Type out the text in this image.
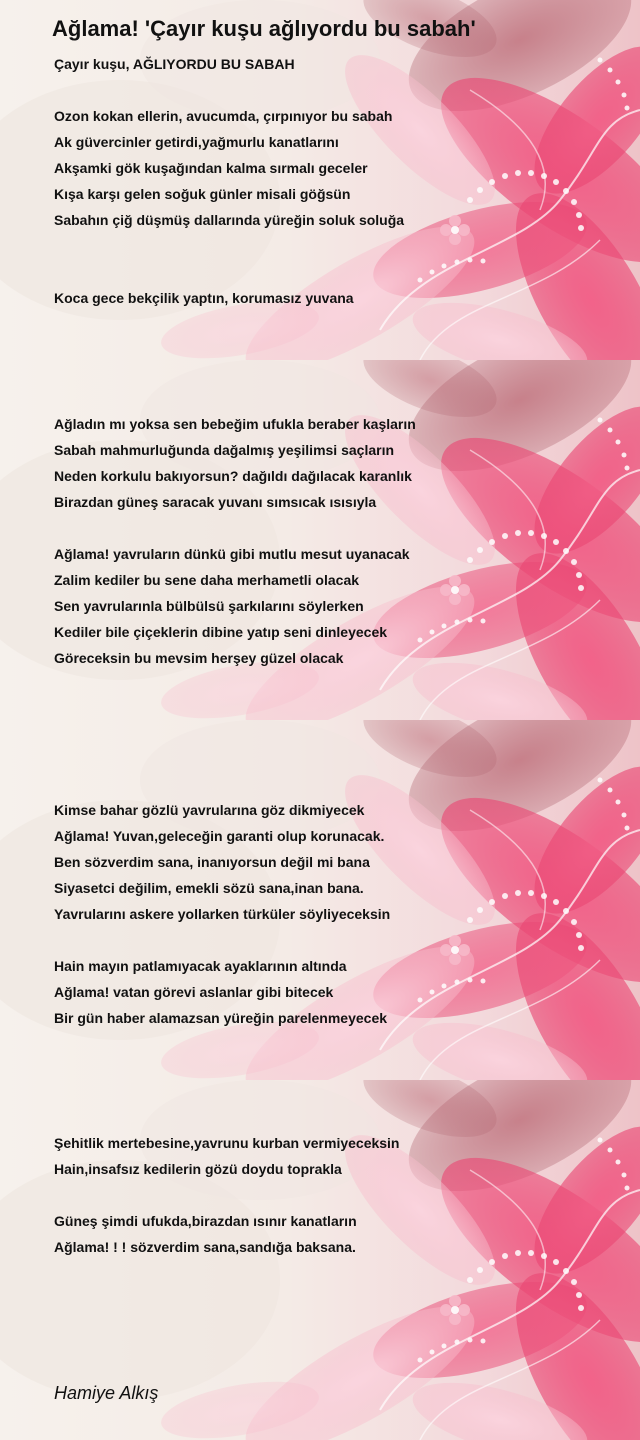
Ağlama! 'Çayır kuşu ağlıyordu bu sabah'
Çayır kuşu, AĞLIYORDU BU SABAH
Ozon kokan ellerin, avucumda, çırpınıyor bu sabah
Ak güvercinler getirdi,yağmurlu kanatlarını
Akşamki gök kuşağından kalma sırmalı geceler
Kışa karşı gelen soğuk günler misali göğsün
Sabahın çiğ düşmüş dallarında yüreğin soluk soluğa
Koca gece bekçilik yaptın, korumasız yuvana
Ağladın mı yoksa sen bebeğim ufukla beraber kaşların
Sabah mahmurluğunda dağalmış yeşilimsi saçların
Neden korkulu bakıyorsun? dağıldı dağılacak karanlık
Birazdan güneş saracak yuvanı sımsıcak ısısıyla
Ağlama! yavruların dünkü gibi mutlu mesut uyanacak
Zalim kediler bu sene daha merhametli olacak
Sen yavrularınla bülbülsü şarkılarını söylerken
Kediler bile çiçeklerin dibine yatıp seni dinleyecek
Göreceksin bu mevsim herşey güzel olacak
Kimse bahar gözlü yavrularına göz dikmiyecek
Ağlama! Yuvan,geleceğin garanti olup korunacak.
Ben sözverdim sana, inanıyorsun değil mi bana
Siyasetci değilim, emekli sözü sana,inan bana.
Yavrularını askere yollarken türküler söyliyeceksin
Hain mayın patlamıyacak ayaklarının altında
Ağlama! vatan görevi aslanlar gibi bitecek
Bir gün haber alamazsan yüreğin parelenmeyecek
Şehitlik mertebesine,yavrunu kurban vermiyeceksin
Hain,insafsız kedilerin gözü doydu toprakla
Güneş şimdi ufukda,birazdan ısınır kanatların
Ağlama! ! ! sözverdim sana,sandığa baksana.
Hamiye Alkış
